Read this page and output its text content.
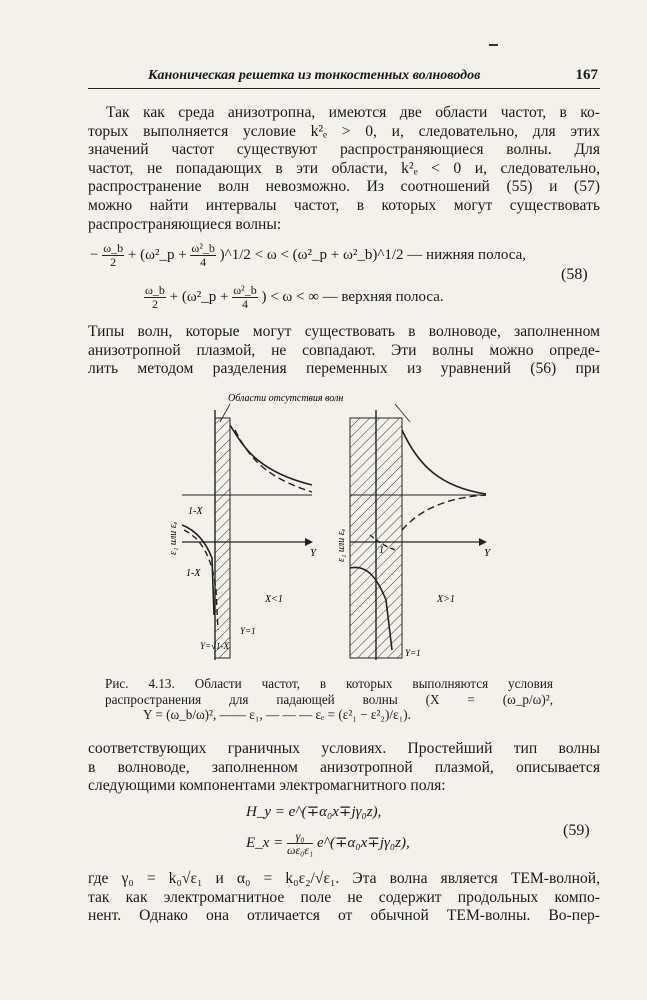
Каноническая решетка из тонкостенных волноводов	167
Так как среда анизотропна, имеются две области частот, в ко-
торых выполняется условие k²ₑ > 0, и, следовательно, для этих
значений частот существуют распространяющиеся волны. Для
частот, не попадающих в эти области, k²ₑ < 0 и, следовательно,
распространение волн невозможно. Из соотношений (55) и (57)
можно найти интервалы частот, в которых могут существовать
распространяющиеся волны:
− $\frac{\omega\_b}{2}$ + (ω²_p + $\frac{\text{ω²\_b}}{4}$ )^1/2 < ω < (ω²_p + ω²_b)^1/2 — нижняя полоса,
$\frac{\omega\_b}{2}$ + (ω²_p + $\frac{\text{ω²\_b}}{4}$ ) < ω < ∞ — верхняя полоса.
(58)
Типы волн, которые могут существовать в волноводе, заполненном
анизотропной плазмой, не совпадают. Эти волны можно опреде-
лить методом разделения переменных из уравнений (56) при
1-X
1-X
X<1
Y=1
Y=√1-X
Y
ε₁ или εₑ
Области отсутствия волн
X>1
1
Y=1
Y
ε₁ или εₑ
Рис. 4.13. Области частот, в которых выполняются условия
распространения для падающей волны (X = (ω_p/ω)²,
Y = (ω_b/ω)², —— ε₁, — — — εₑ = (ε²₁ − ε²₂)/ε₁).
соответствующих граничных условиях. Простейший тип волны
в волноводе, заполненном анизотропной плазмой, описывается
следующими компонентами электромагнитного поля:
H_y = e^(∓α₀x∓jγ₀z),
E_x = $\frac{\text{γ₀}}{\text{ωε₀ε₁}}$ e^(∓α₀x∓jγ₀z),
(59)
где γ₀ = k₀√ε₁ и α₀ = k₀ε₂/√ε₁. Эта волна является TEM-волной,
так как электромагнитное поле не содержит продольных компо-
нент. Однако она отличается от обычной TEM-волны. Во-пер-
